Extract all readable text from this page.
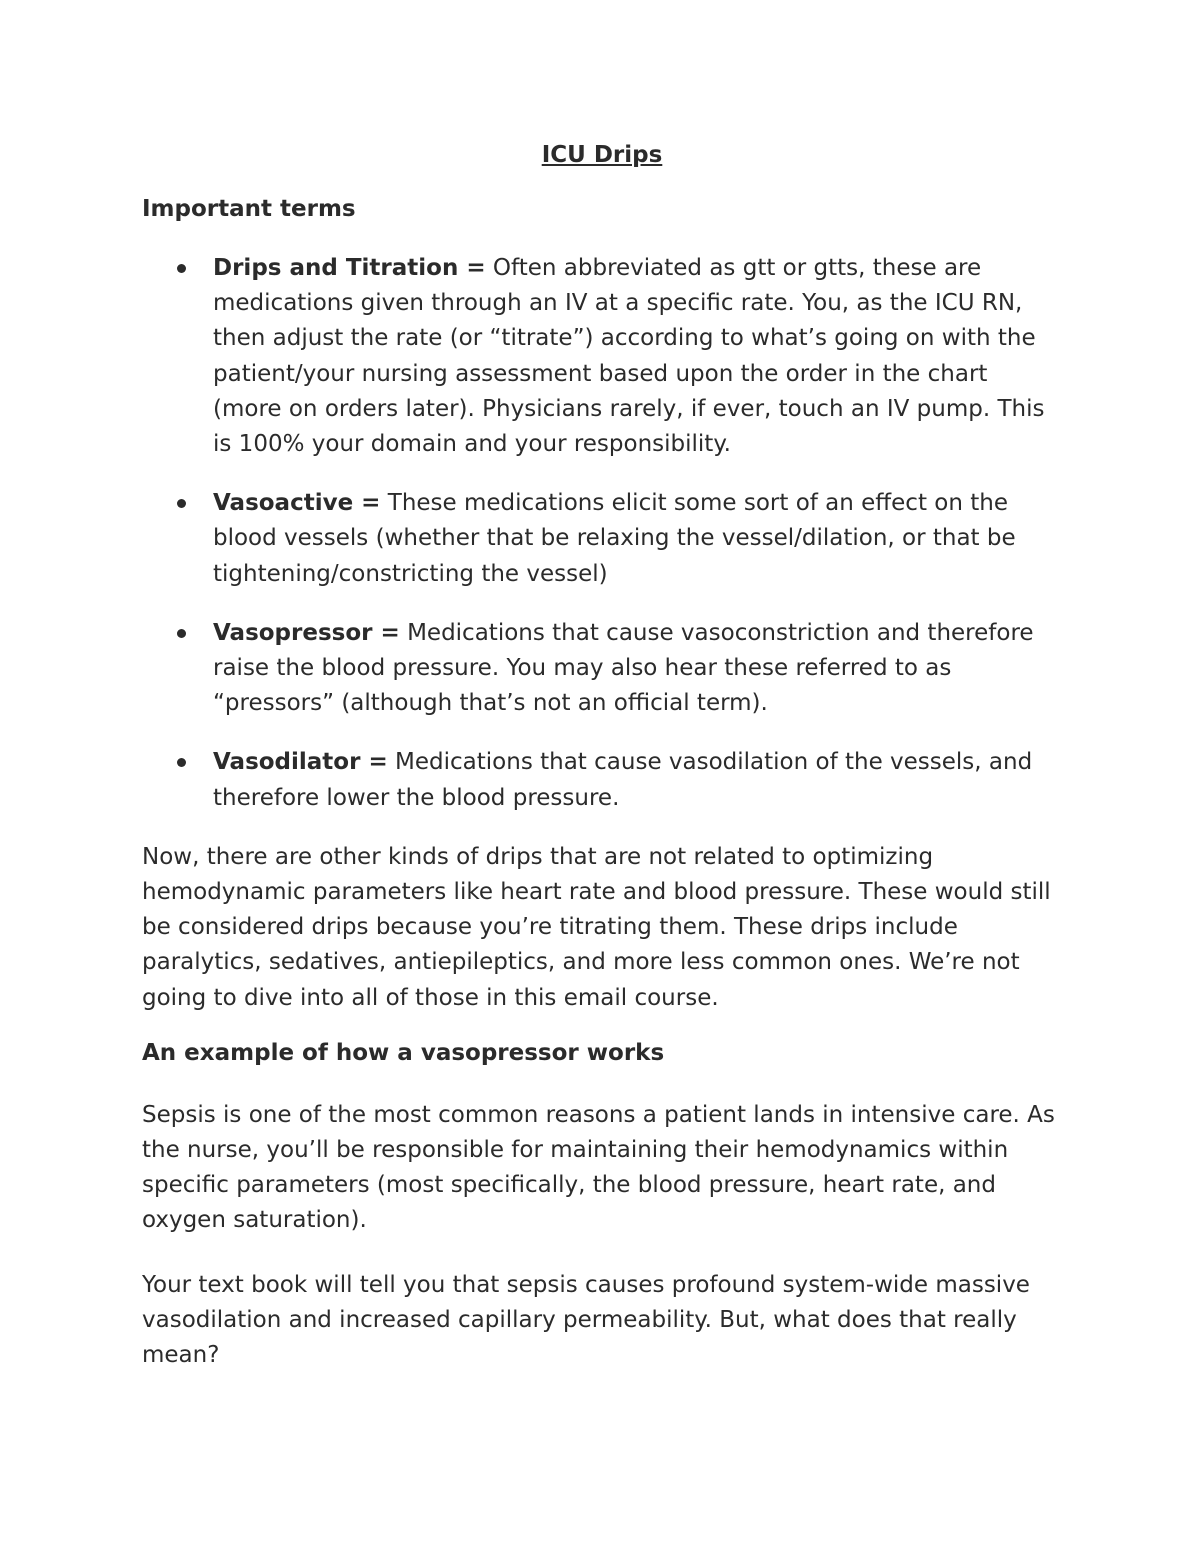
ICU Drips
Important terms
Drips and Titration = Often abbreviated as gtt or gtts, these are medications given through an IV at a specific rate. You, as the ICU RN, then adjust the rate (or “titrate”) according to what’s going on with the patient/your nursing assessment based upon the order in the chart (more on orders later). Physicians rarely, if ever, touch an IV pump. This is 100% your domain and your responsibility.
Vasoactive = These medications elicit some sort of an effect on the blood vessels (whether that be relaxing the vessel/dilation, or that be tightening/constricting the vessel)
Vasopressor = Medications that cause vasoconstriction and therefore raise the blood pressure. You may also hear these referred to as “pressors” (although that’s not an official term).
Vasodilator = Medications that cause vasodilation of the vessels, and therefore lower the blood pressure.

Now, there are other kinds of drips that are not related to optimizing hemodynamic parameters like heart rate and blood pressure. These would still be considered drips because you’re titrating them. These drips include paralytics, sedatives, antiepileptics, and more less common ones. We’re not going to dive into all of those in this email course.

An example of how a vasopressor works

Sepsis is one of the most common reasons a patient lands in intensive care. As the nurse, you’ll be responsible for maintaining their hemodynamics within specific parameters (most specifically, the blood pressure, heart rate, and oxygen saturation).

Your text book will tell you that sepsis causes profound system-wide massive vasodilation and increased capillary permeability. But, what does that really mean?
